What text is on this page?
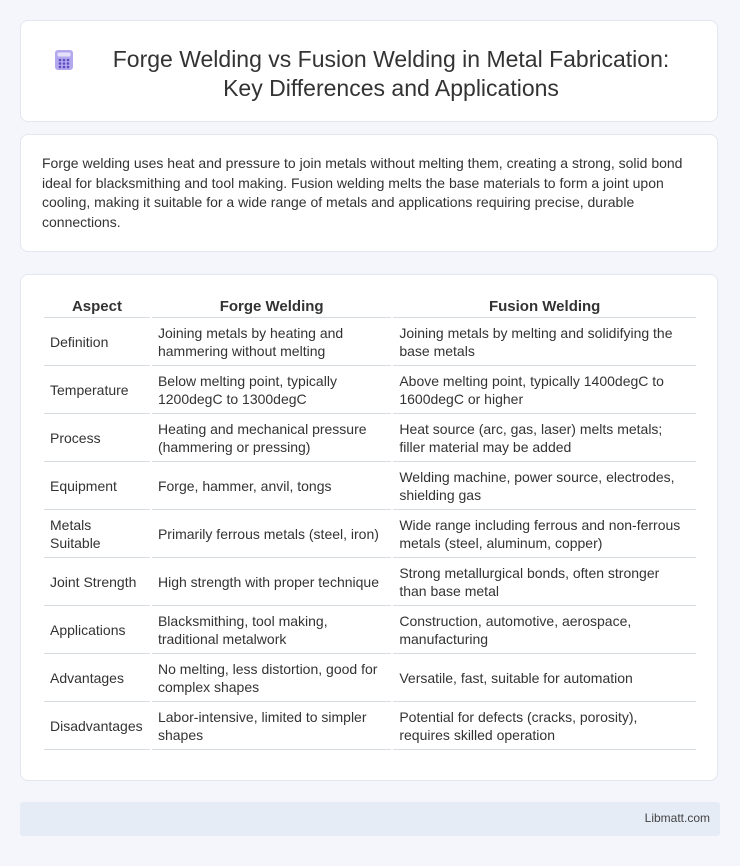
Forge Welding vs Fusion Welding in Metal Fabrication: Key Differences and Applications

Forge welding uses heat and pressure to join metals without melting them, creating a strong, solid bond ideal for blacksmithing and tool making. Fusion welding melts the base materials to form a joint upon cooling, making it suitable for a wide range of metals and applications requiring precise, durable connections.

Aspect	Forge Welding	Fusion Welding
Definition	Joining metals by heating and hammering without melting	Joining metals by melting and solidifying the base metals
Temperature	Below melting point, typically 1200degC to 1300degC	Above melting point, typically 1400degC to 1600degC or higher
Process	Heating and mechanical pressure (hammering or pressing)	Heat source (arc, gas, laser) melts metals; filler material may be added
Equipment	Forge, hammer, anvil, tongs	Welding machine, power source, electrodes, shielding gas
Metals Suitable	Primarily ferrous metals (steel, iron)	Wide range including ferrous and non-ferrous metals (steel, aluminum, copper)
Joint Strength	High strength with proper technique	Strong metallurgical bonds, often stronger than base metal
Applications	Blacksmithing, tool making, traditional metalwork	Construction, automotive, aerospace, manufacturing
Advantages	No melting, less distortion, good for complex shapes	Versatile, fast, suitable for automation
Disadvantages	Labor-intensive, limited to simpler shapes	Potential for defects (cracks, porosity), requires skilled operation
Libmatt.com
